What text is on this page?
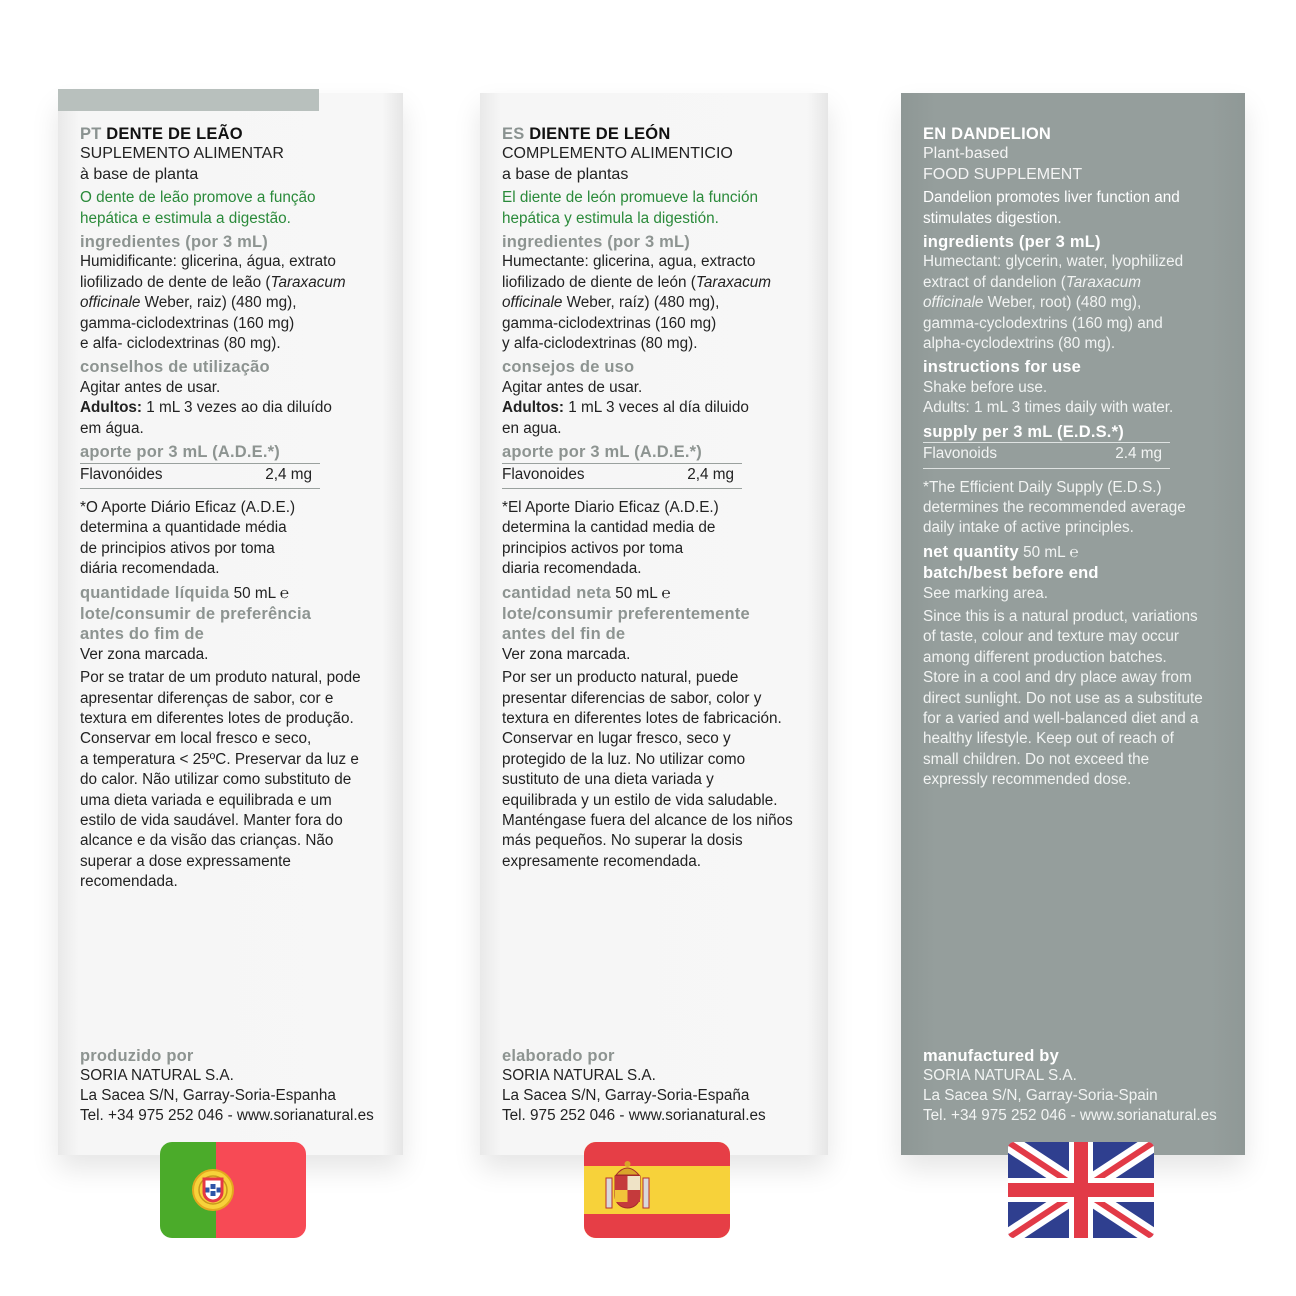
PT DENTE DE LEÃO
SUPLEMENTO ALIMENTAR
à base de planta
O dente de leão promove a função
hepática e estimula a digestão.
ingredientes (por 3 mL)
Humidificante: glicerina, água, extrato
liofilizado de dente de leão (Taraxacum
officinale Weber, raiz) (480 mg),
gamma-ciclodextrinas (160 mg)
e alfa- ciclodextrinas (80 mg).
conselhos de utilização
Agitar antes de usar.
Adultos: 1 mL 3 vezes ao dia diluído
em água.
aporte por 3 mL (A.D.E.*)
Flavonóides	2,4 mg
*O Aporte Diário Eficaz (A.D.E.)
determina a quantidade média
de principios ativos por toma
diária recomendada.
quantidade líquida 50 mL ℮
lote/consumir de preferência
antes do fim de
Ver zona marcada.
Por se tratar de um produto natural, pode
apresentar diferenças de sabor, cor e
textura em diferentes lotes de produção.
Conservar em local fresco e seco,
a temperatura < 25ºC. Preservar da luz e
do calor. Não utilizar como substituto de
uma dieta variada e equilibrada e um
estilo de vida saudável. Manter fora do
alcance e da visão das crianças. Não
superar a dose expressamente
recomendada.
produzido por
SORIA NATURAL S.A.
La Sacea S/N, Garray-Soria-Espanha
Tel. +34 975 252 046 - www.sorianatural.es
ES DIENTE DE LEÓN
COMPLEMENTO ALIMENTICIO
a base de plantas
El diente de león promueve la función
hepática y estimula la digestión.
ingredientes (por 3 mL)
Humectante: glicerina, agua, extracto
liofilizado de diente de león (Taraxacum
officinale Weber, raíz) (480 mg),
gamma-ciclodextrinas (160 mg)
y alfa-ciclodextrinas (80 mg).
consejos de uso
Agitar antes de usar.
Adultos: 1 mL 3 veces al día diluido
en agua.
aporte por 3 mL (A.D.E.*)
Flavonoides	2,4 mg
*El Aporte Diario Eficaz (A.D.E.)
determina la cantidad media de
principios activos por toma
diaria recomendada.
cantidad neta 50 mL ℮
lote/consumir preferentemente
antes del fin de
Ver zona marcada.
Por ser un producto natural, puede
presentar diferencias de sabor, color y
textura en diferentes lotes de fabricación.
Conservar en lugar fresco, seco y
protegido de la luz. No utilizar como
sustituto de una dieta variada y
equilibrada y un estilo de vida saludable.
Manténgase fuera del alcance de los niños
más pequeños. No superar la dosis
expresamente recomendada.
elaborado por
SORIA NATURAL S.A.
La Sacea S/N, Garray-Soria-España
Tel. 975 252 046 - www.sorianatural.es
EN DANDELION
Plant-based
FOOD SUPPLEMENT
Dandelion promotes liver function and
stimulates digestion.
ingredients (per 3 mL)
Humectant: glycerin, water, lyophilized
extract of dandelion (Taraxacum
officinale Weber, root) (480 mg),
gamma-cyclodextrins (160 mg) and
alpha-cyclodextrins (80 mg).
instructions for use
Shake before use.
Adults: 1 mL 3 times daily with water.
supply per 3 mL (E.D.S.*)
Flavonoids	2.4 mg
*The Efficient Daily Supply (E.D.S.)
determines the recommended average
daily intake of active principles.
net quantity 50 mL ℮
batch/best before end
See marking area.
Since this is a natural product, variations
of taste, colour and texture may occur
among different production batches.
Store in a cool and dry place away from
direct sunlight. Do not use as a substitute
for a varied and well-balanced diet and a
healthy lifestyle. Keep out of reach of
small children. Do not exceed the
expressly recommended dose.
manufactured by
SORIA NATURAL S.A.
La Sacea S/N, Garray-Soria-Spain
Tel. +34 975 252 046 - www.sorianatural.es
